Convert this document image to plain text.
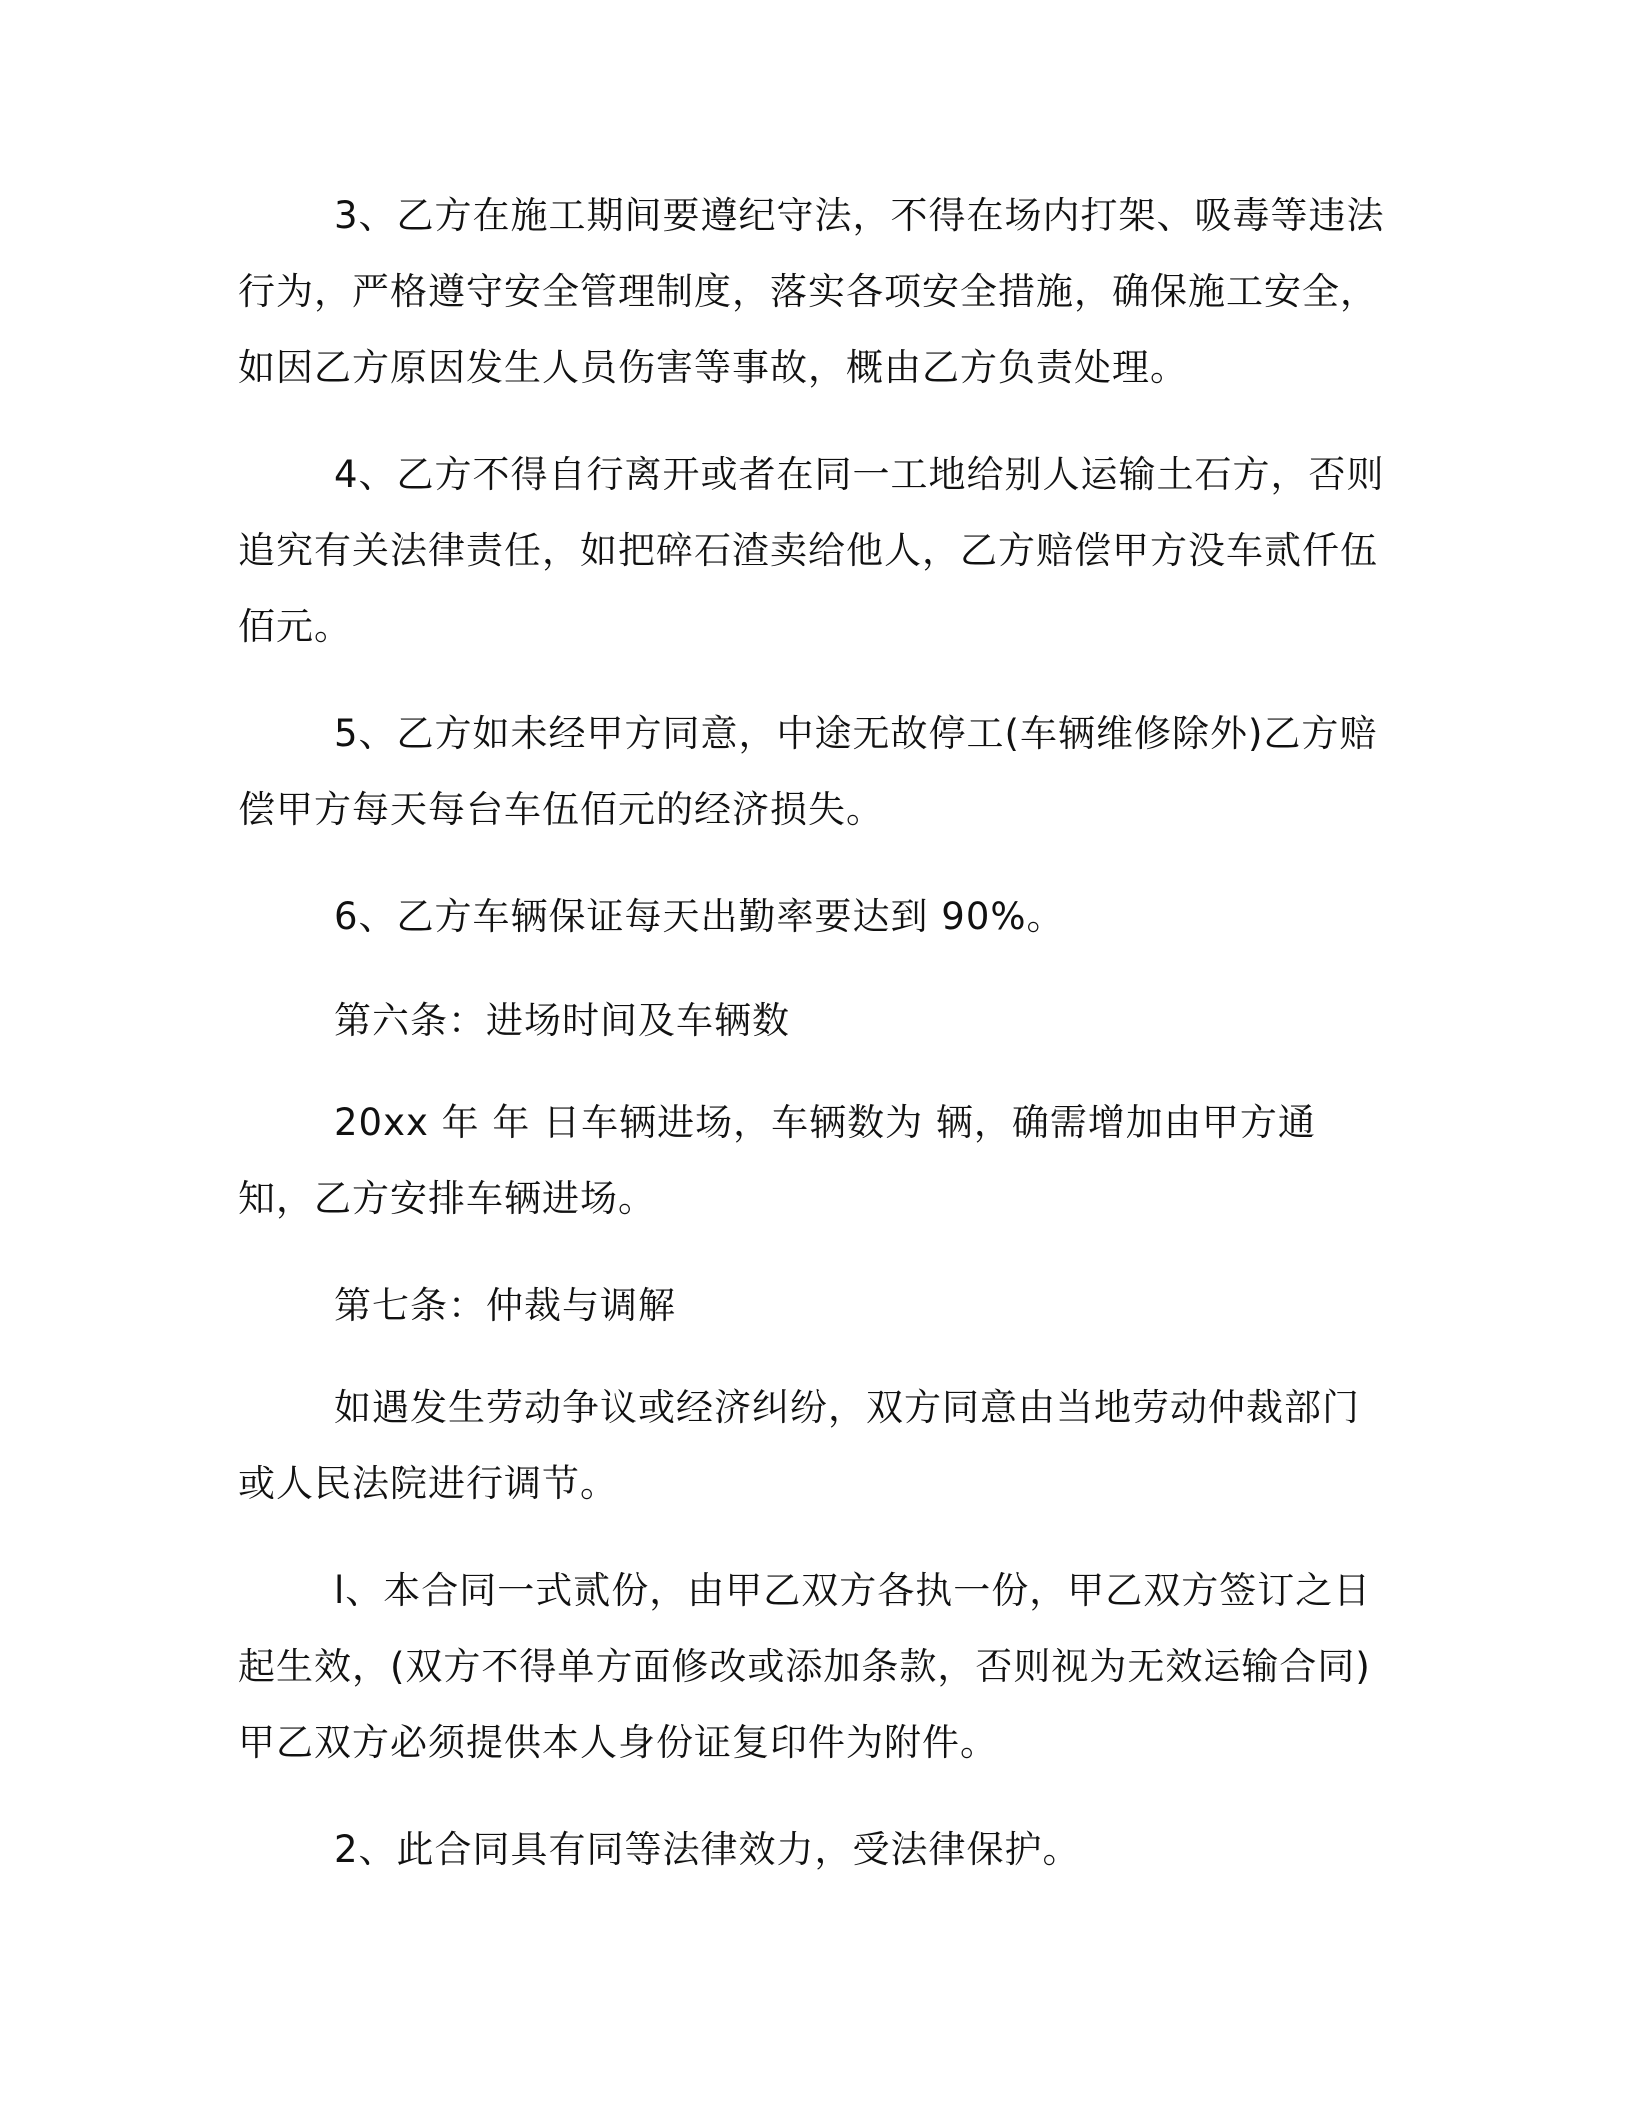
3、乙方在施工期间要遵纪守法，不得在场内打架、吸毒等违法行为，严格遵守安全管理制度，落实各项安全措施，确保施工安全，如因乙方原因发生人员伤害等事故，概由乙方负责处理。

4、乙方不得自行离开或者在同一工地给别人运输土石方，否则追究有关法律责任，如把碎石渣卖给他人，乙方赔偿甲方没车贰仟伍佰元。

5、乙方如未经甲方同意，中途无故停工(车辆维修除外)乙方赔偿甲方每天每台车伍佰元的经济损失。

6、乙方车辆保证每天出勤率要达到 90%。

第六条：进场时间及车辆数

20xx 年 年 日车辆进场，车辆数为 辆，确需增加由甲方通知，乙方安排车辆进场。

第七条：仲裁与调解

如遇发生劳动争议或经济纠纷，双方同意由当地劳动仲裁部门或人民法院进行调节。

l、本合同一式贰份，由甲乙双方各执一份，甲乙双方签订之日起生效，(双方不得单方面修改或添加条款，否则视为无效运输合同)甲乙双方必须提供本人身份证复印件为附件。

2、此合同具有同等法律效力，受法律保护。
